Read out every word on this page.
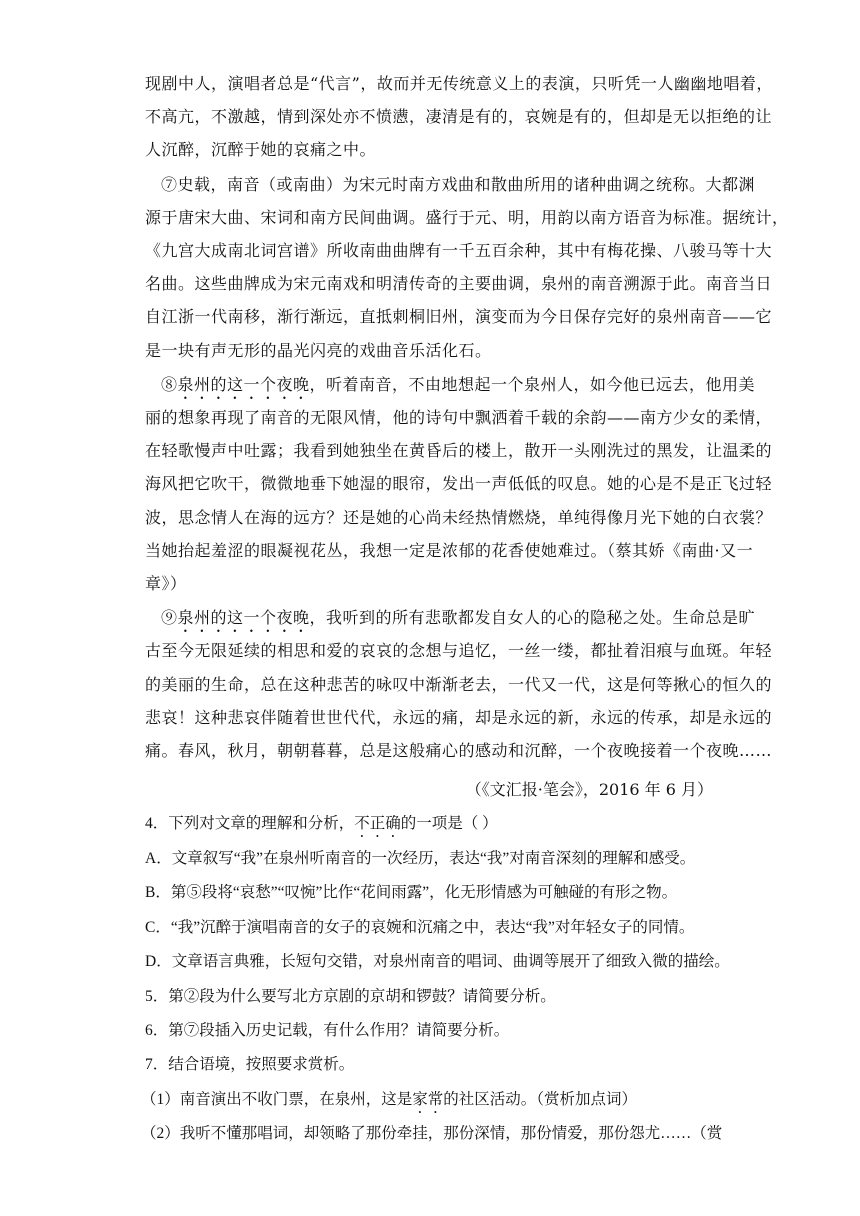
现剧中人，演唱者总是“代言”，故而并无传统意义上的表演，只听凭一人幽幽地唱着，
不高亢，不激越，情到深处亦不愤懑，凄清是有的，哀婉是有的，但却是无以拒绝的让
人沉醉，沉醉于她的哀痛之中。
⑦史载，南音（或南曲）为宋元时南方戏曲和散曲所用的诸种曲调之统称。大都渊
源于唐宋大曲、宋词和南方民间曲调。盛行于元、明，用韵以南方语音为标准。据统计，
《九宫大成南北词宫谱》所收南曲曲牌有一千五百余种，其中有梅花操、八骏马等十大
名曲。这些曲牌成为宋元南戏和明清传奇的主要曲调，泉州的南音溯源于此。南音当日
自江浙一代南移，渐行渐远，直抵刺桐旧州，演变而为今日保存完好的泉州南音——它
是一块有声无形的晶光闪亮的戏曲音乐活化石。
⑧泉州的这一个夜晚，听着南音，不由地想起一个泉州人，如今他已远去，他用美
丽的想象再现了南音的无限风情，他的诗句中飘洒着千载的余韵——南方少女的柔情，
在轻歌慢声中吐露；我看到她独坐在黄昏后的楼上，散开一头刚洗过的黑发，让温柔的
海风把它吹干，微微地垂下她湿的眼帘，发出一声低低的叹息。她的心是不是正飞过轻
波，思念情人在海的远方？还是她的心尚未经热情燃烧，单纯得像月光下她的白衣裳？
当她抬起羞涩的眼凝视花丛，我想一定是浓郁的花香使她难过。（蔡其娇《南曲·又一
章》）
⑨泉州的这一个夜晚，我听到的所有悲歌都发自女人的心的隐秘之处。生命总是旷
古至今无限延续的相思和爱的哀哀的念想与追忆，一丝一缕，都扯着泪痕与血斑。年轻
的美丽的生命，总在这种悲苦的咏叹中渐渐老去，一代又一代，这是何等揪心的恒久的
悲哀！这种悲哀伴随着世世代代，永远的痛，却是永远的新，永远的传承，却是永远的
痛。春风，秋月，朝朝暮暮，总是这般痛心的感动和沉醉，一个夜晚接着一个夜晚……
（《文汇报·笔会》，2016 年 6 月）
4．下列对文章的理解和分析，不正确的一项是（ ）
A．文章叙写“我”在泉州听南音的一次经历，表达“我”对南音深刻的理解和感受。
B．第⑤段将“哀愁”“叹惋”比作“花间雨露”，化无形情感为可触碰的有形之物。
C．“我”沉醉于演唱南音的女子的哀婉和沉痛之中，表达“我”对年轻女子的同情。
D．文章语言典雅，长短句交错，对泉州南音的唱词、曲调等展开了细致入微的描绘。
5．第②段为什么要写北方京剧的京胡和锣鼓？请简要分析。
6．第⑦段插入历史记载，有什么作用？请简要分析。
7．结合语境，按照要求赏析。
（1）南音演出不收门票，在泉州，这是家常的社区活动。（赏析加点词）
（2）我听不懂那唱词，却领略了那份牵挂，那份深情，那份情爱，那份怨尤……（赏
